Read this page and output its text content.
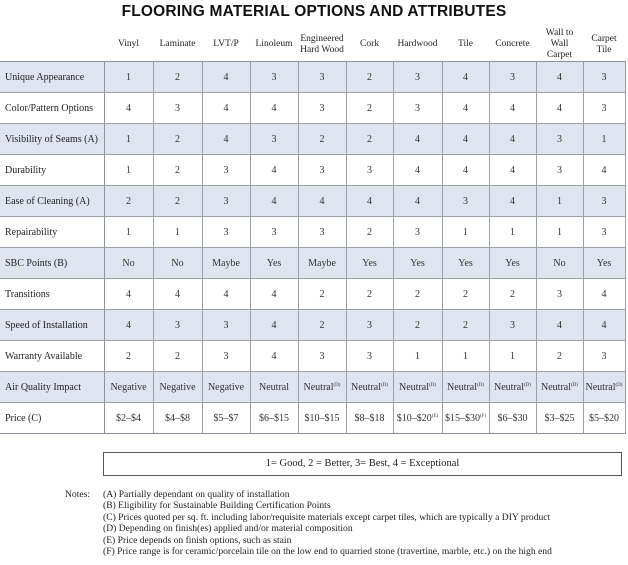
FLOORING MATERIAL OPTIONS AND ATTRIBUTES
	Vinyl	Laminate	LVT/P	Linoleum	Engineered Hard Wood	Cork	Hardwood	Tile	Concrete	Wall to Wall Carpet	Carpet Tile
Unique Appearance	1	2	4	3	3	2	3	4	3	4	3
Color/Pattern Options	4	3	4	4	3	2	3	4	4	4	3
Visibility of Seams (A)	1	2	4	3	2	2	4	4	4	3	1
Durability	1	2	3	4	3	3	4	4	4	3	4
Ease of Cleaning (A)	2	2	3	4	4	4	4	3	4	1	3
Repairability	1	1	3	3	3	2	3	1	1	1	3
SBC Points (B)	No	No	Maybe	Yes	Maybe	Yes	Yes	Yes	Yes	No	Yes
Transitions	4	4	4	4	2	2	2	2	2	3	4
Speed of Installation	4	3	3	4	2	3	2	2	3	4	4
Warranty Available	2	2	3	4	3	3	1	1	1	2	3
Air Quality Impact	Negative	Negative	Negative	Neutral	Neutral$^{(D)}$	Neutral$^{(D)}$	Neutral$^{(D)}$	Neutral$^{(D)}$	Neutral$^{(D)}$	Neutral$^{(D)}$	Neutral$^{(D)}$
Price (C)	$2–$4	$4–$8	$5–$7	$6–$15	$10–$15	$8–$18	$\$10-\$20^{(E)}$	$\$15-\$30^{(F)}$	$6–$30	$3–$25	$5–$20
1= Good, 2 = Better, 3= Best, 4 = Exceptional
Notes: (A) Partially dependant on quality of installation
(B) Eligibility for Sustainable Building Certification Points
(C) Prices quoted per sq. ft. including labor/requisite materials except carpet tiles, which are typically a DIY product
(D) Depending on finish(es) applied and/or material composition
(E) Price depends on finish options, such as stain
(F) Price range is for ceramic/porcelain tile on the low end to quarried stone (travertine, marble, etc.) on the high end
